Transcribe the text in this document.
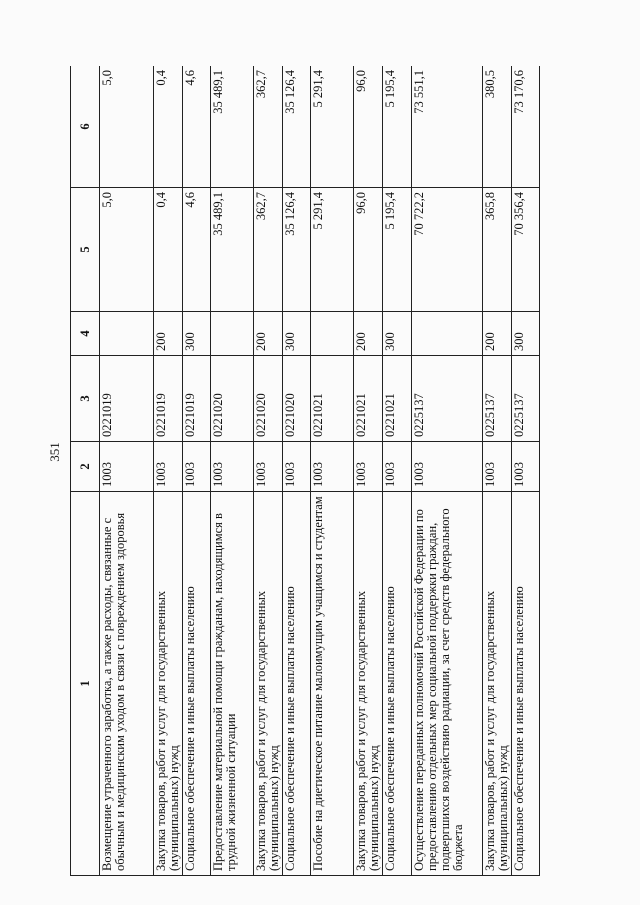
351
1	2	3	4	5	6
Возмещение утраченного заработка, а также расходы, связанные с обычным и медицинским уходом в связи с повреждением здоровья	1003	0221019		5,0	5,0
Закупка товаров, работ и услуг для государственных (муниципальных) нужд	1003	0221019	200	0,4	0,4
Социальное обеспечение и иные выплаты населению	1003	0221019	300	4,6	4,6
Предоставление материальной помощи гражданам, находящимся в трудной жизненной ситуации	1003	0221020		35 489,1	35 489,1
Закупка товаров, работ и услуг для государственных (муниципальных) нужд	1003	0221020	200	362,7	362,7
Социальное обеспечение и иные выплаты населению	1003	0221020	300	35 126,4	35 126,4
Пособие на диетическое питание малоимущим учащимся и студентам	1003	0221021		5 291,4	5 291,4
Закупка товаров, работ и услуг для государственных (муниципальных) нужд	1003	0221021	200	96,0	96,0
Социальное обеспечение и иные выплаты населению	1003	0221021	300	5 195,4	5 195,4
Осуществление переданных полномочий Российской Федерации по предоставлению отдельных мер социальной поддержки граждан, подвергшихся воздействию радиации, за счет средств федерального бюджета	1003	0225137		70 722,2	73 551,1
Закупка товаров, работ и услуг для государственных (муниципальных) нужд	1003	0225137	200	365,8	380,5
Социальное обеспечение и иные выплаты населению	1003	0225137	300	70 356,4	73 170,6
